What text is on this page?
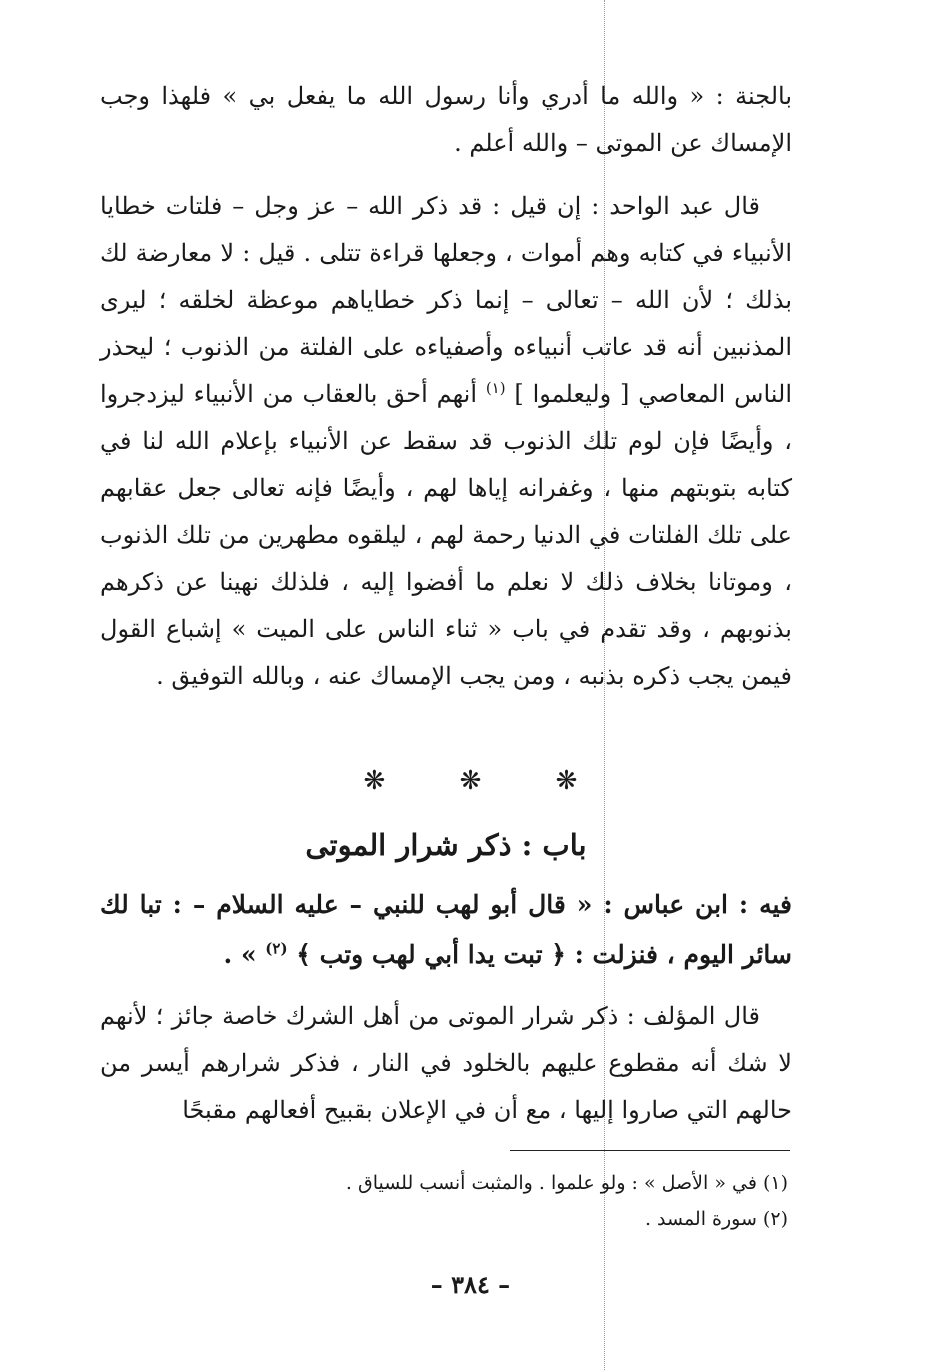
بالجنة : « والله ما أدري وأنا رسول الله ما يفعل بي » فلهذا وجب الإمساك عن الموتى – والله أعلم .

قال عبد الواحد : إن قيل : قد ذكر الله – عز وجل – فلتات خطايا الأنبياء في كتابه وهم أموات ، وجعلها قراءة تتلى . قيل : لا معارضة لك بذلك ؛ لأن الله – تعالى – إنما ذكر خطاياهم موعظة لخلقه ؛ ليرى المذنبين أنه قد عاتب أنبياءه وأصفياءه على الفلتة من الذنوب ؛ ليحذر الناس المعاصي [ وليعلموا ] $^{(١)}$ أنهم أحق بالعقاب من الأنبياء ليزدجروا ، وأيضًا فإن لوم تلك الذنوب قد سقط عن الأنبياء بإعلام الله لنا في كتابه بتوبتهم منها ، وغفرانه إياها لهم ، وأيضًا فإنه تعالى جعل عقابهم على تلك الفلتات في الدنيا رحمة لهم ، ليلقوه مطهرين من تلك الذنوب ، وموتانا بخلاف ذلك لا نعلم ما أفضوا إليه ، فلذلك نهينا عن ذكرهم بذنوبهم ، وقد تقدم في باب « ثناء الناس على الميت » إشباع القول فيمن يجب ذكره بذنبه ، ومن يجب الإمساك عنه ، وبالله التوفيق .

❋	❋	❋
باب : ذكر شرار الموتى

فيه : ابن عباس : « قال أبو لهب للنبي – عليه السلام – : تبا لك سائر اليوم ، فنزلت : ﴿ تبت يدا أبي لهب وتب ﴾ $^{(٢)}$ » .

قال المؤلف : ذكر شرار الموتى من أهل الشرك خاصة جائز ؛ لأنهم لا شك أنه مقطوع عليهم بالخلود في النار ، فذكر شرارهم أيسر من حالهم التي صاروا إليها ، مع أن في الإعلان بقبيح أفعالهم مقبحًا

(١) في « الأصل » : ولو علموا . والمثبت أنسب للسياق .

(٢) سورة المسد .

– ٣٨٤ –
